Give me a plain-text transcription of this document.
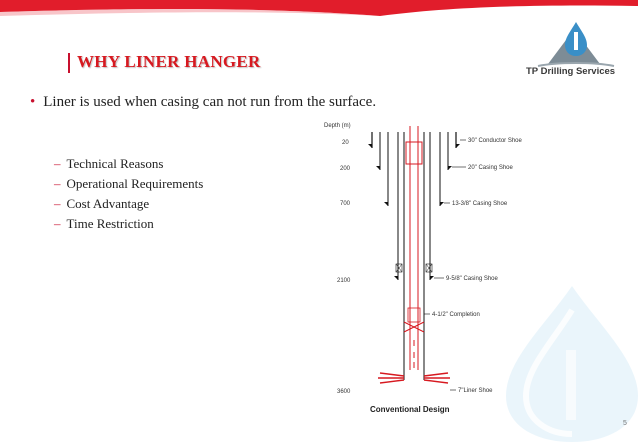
WHY LINER HANGER
TP Drilling Services
• Liner is used when casing can not run from the surface.
– Technical Reasons
– Operational Requirements
– Cost Advantage
– Time Restriction
Depth (m)
20
200
700
2100
3600
30" Conductor Shoe
20" Casing Shoe
13-3/8" Casing Shoe
9-5/8" Casing Shoe
4-1/2" Completion
7"Liner Shoe
Conventional Design
5
